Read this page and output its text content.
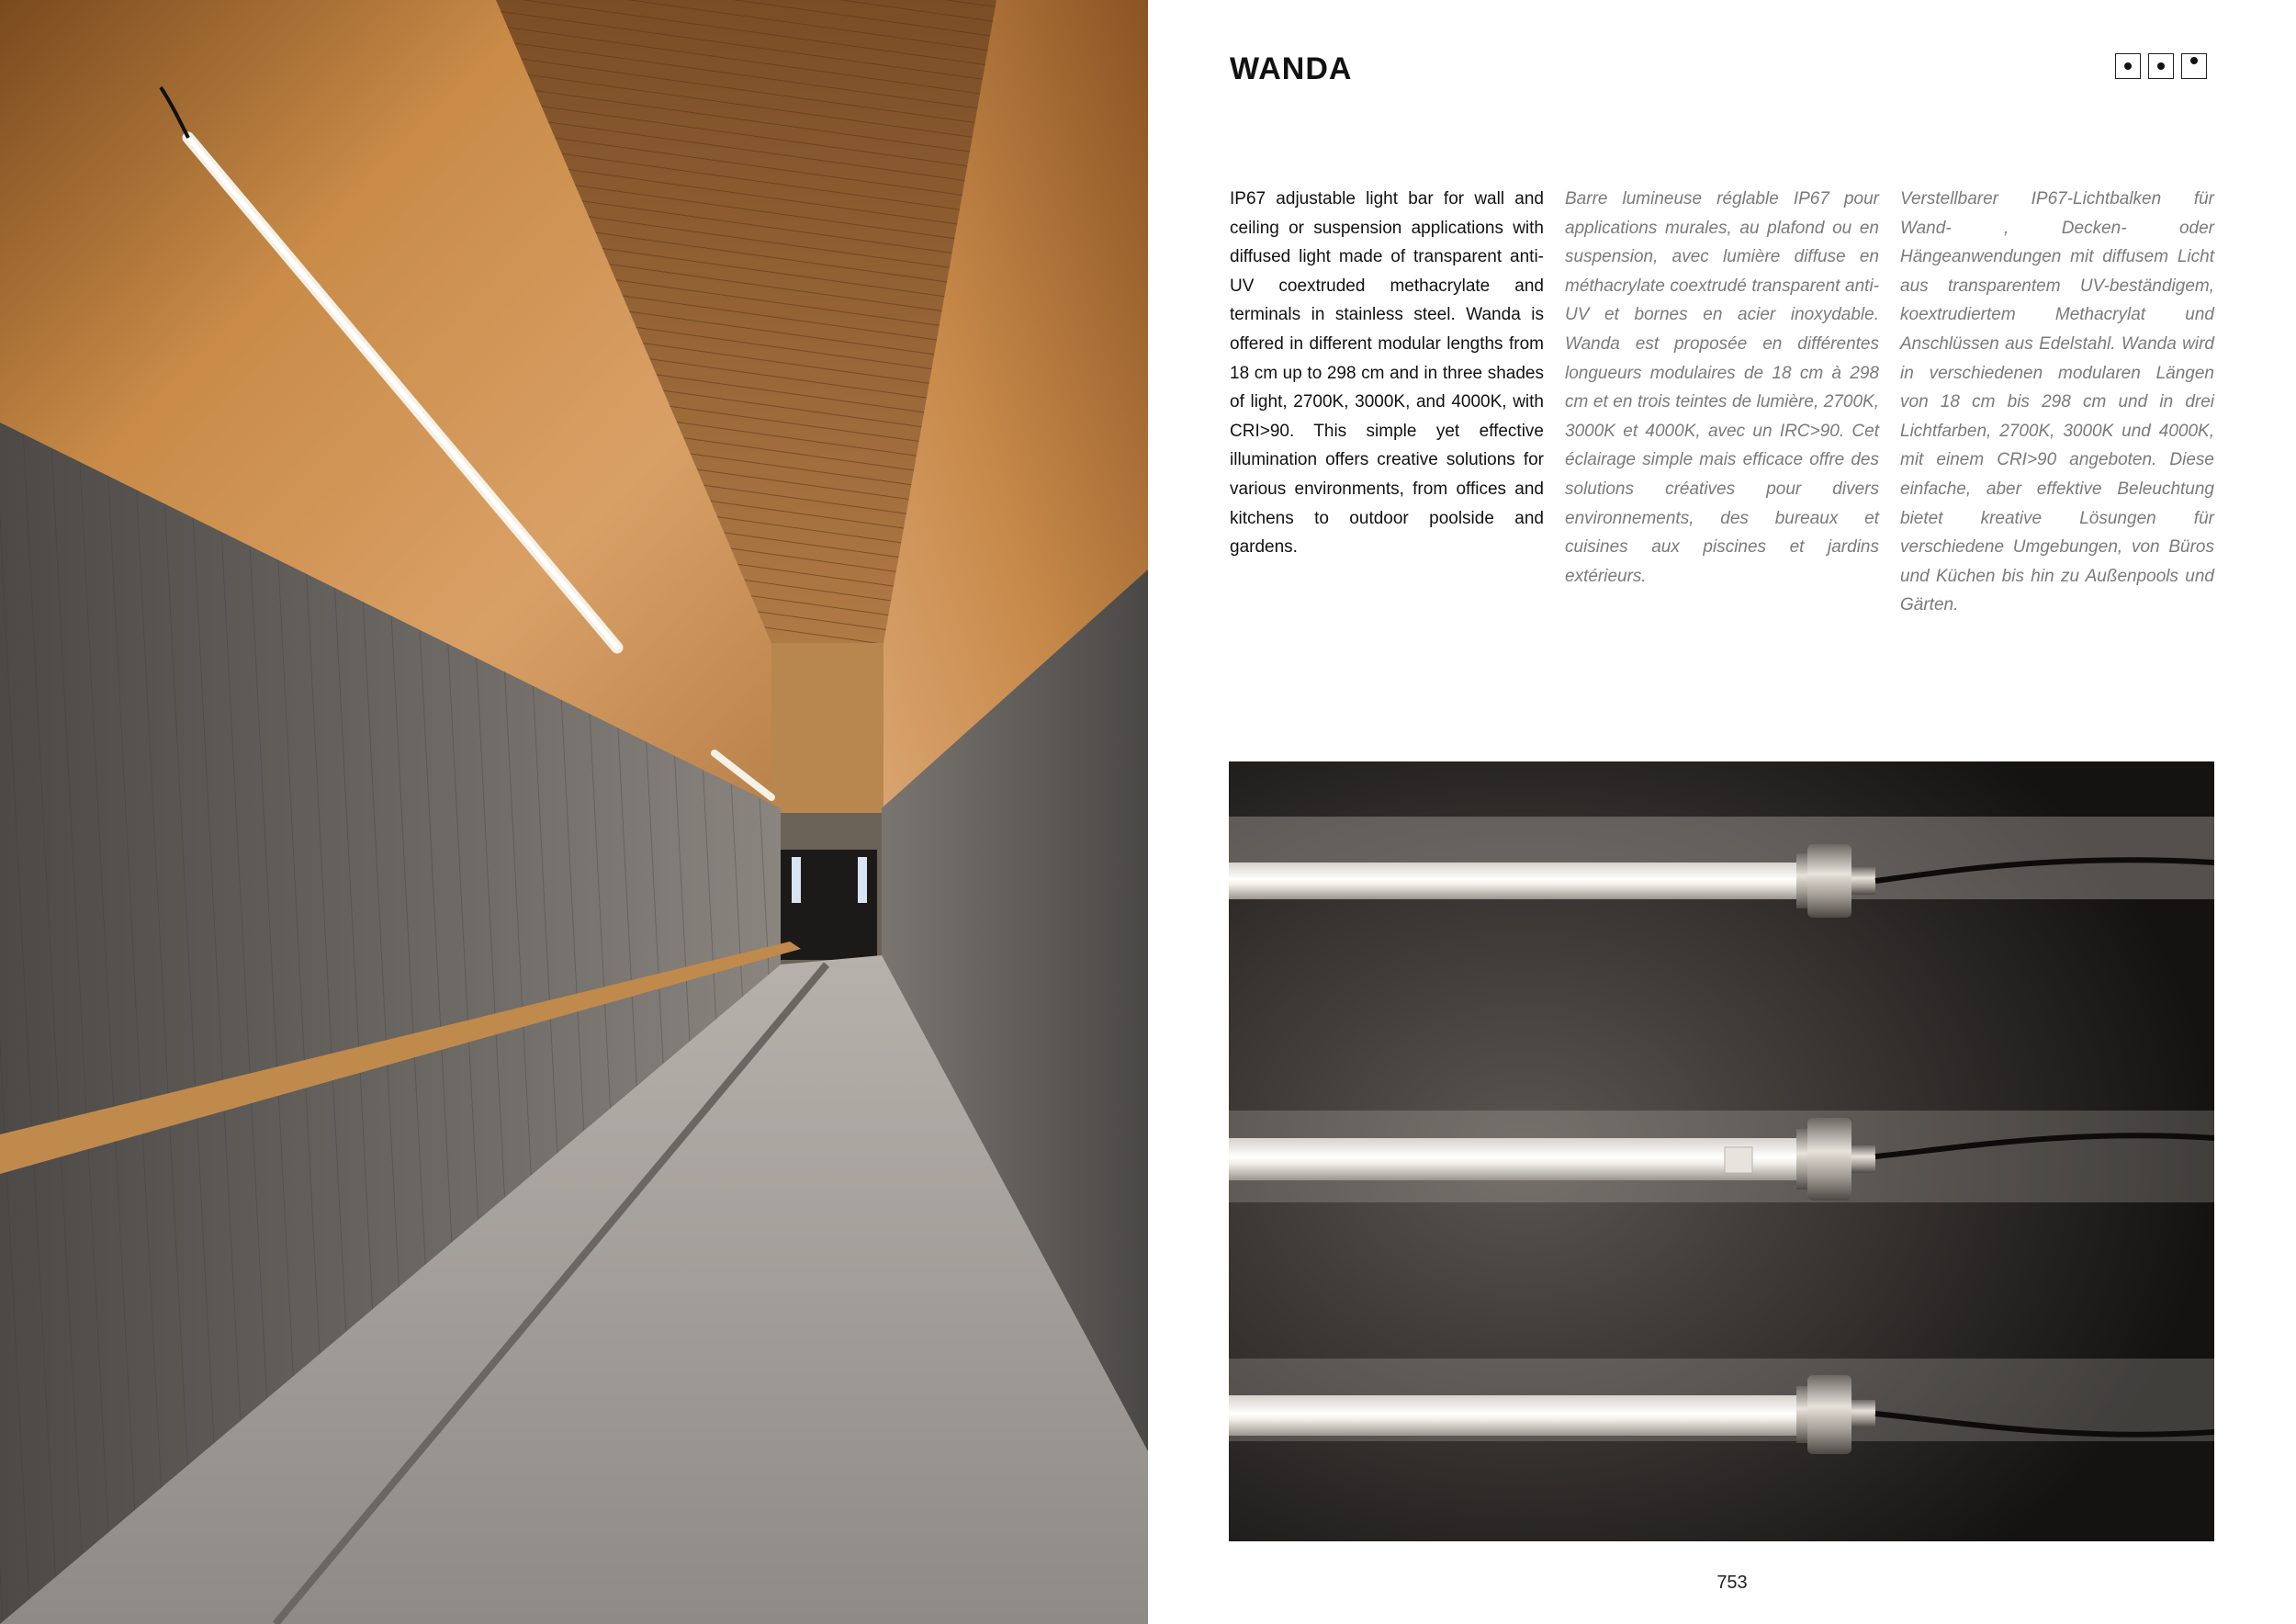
WANDA
IP67 adjustable light bar for wall and ceiling or suspension applications with diffused light made of transparent anti-UV coextruded methacrylate and terminals in stainless steel. Wanda is offered in different modular lengths from 18 cm up to 298 cm and in three shades of light, 2700K, 3000K, and 4000K, with CRI>90. This simple yet effective illumination offers creative solutions for various environments, from offices and kitchens to outdoor poolside and gardens.
Barre lumineuse réglable IP67 pour applications murales, au plafond ou en suspension, avec lumière diffuse en méthacrylate coextrudé transparent anti-UV et bornes en acier inoxydable. Wanda est proposée en différentes longueurs modulaires de 18 cm à 298 cm et en trois teintes de lumière, 2700K, 3000K et 4000K, avec un IRC>90. Cet éclairage simple mais efficace offre des solutions créatives pour divers environnements, des bureaux et cuisines aux piscines et jardins extérieurs.
Verstellbarer IP67-Lichtbalken für Wand- , Decken- oder Hängeanwendungen mit diffusem Licht aus transparentem UV-beständigem, koextrudiertem Methacrylat und Anschlüssen aus Edelstahl. Wanda wird in verschiedenen modularen Längen von 18 cm bis 298 cm und in drei Lichtfarben, 2700K, 3000K und 4000K, mit einem CRI>90 angeboten. Diese einfache, aber effektive Beleuchtung bietet kreative Lösungen für verschiedene Umgebungen, von Büros und Küchen bis hin zu Außenpools und Gärten.
753
